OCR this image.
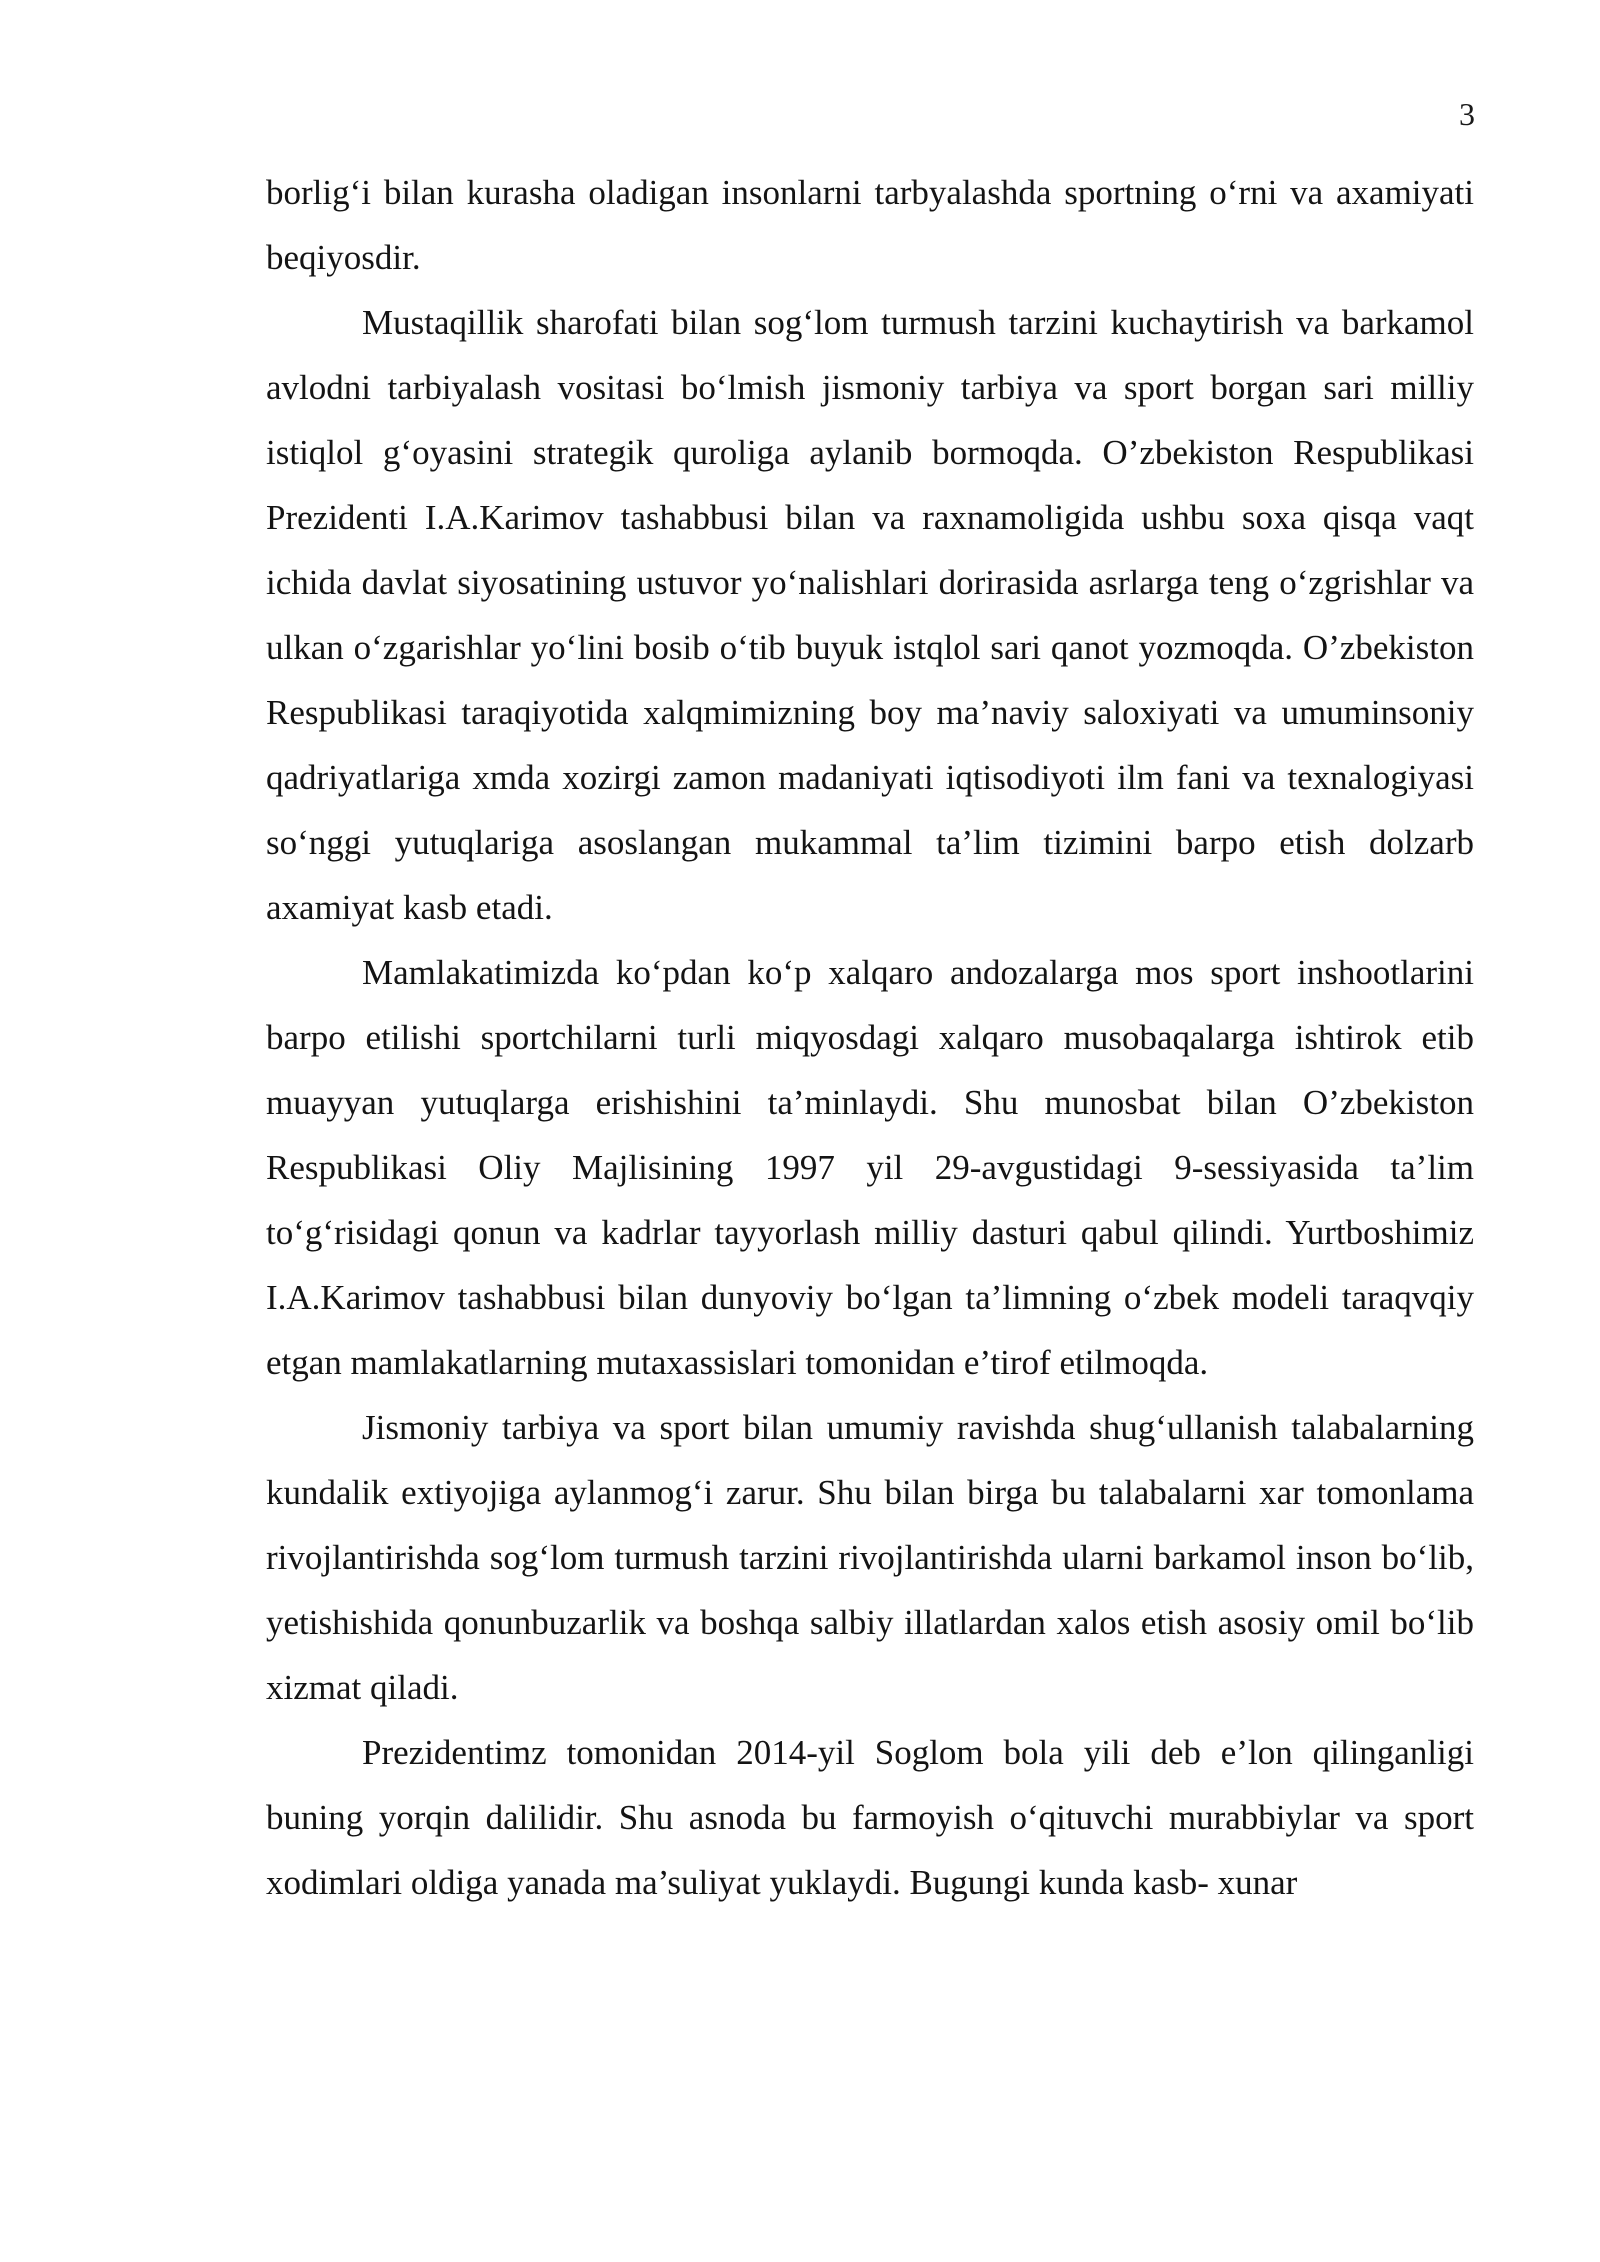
3

borlig‘i bilan kurasha oladigan insonlarni tarbyalashda sportning o‘rni va axamiyati beqiyosdir.

Mustaqillik sharofati bilan sog‘lom turmush tarzini kuchaytirish va barkamol avlodni tarbiyalash vositasi bo‘lmish jismoniy tarbiya va sport borgan sari milliy istiqlol g‘oyasini strategik quroliga aylanib bormoqda. O’zbekiston Respublikasi Prezidenti I.A.Karimov tashabbusi bilan va raxnamoligida ushbu soxa qisqa vaqt ichida davlat siyosatining ustuvor yo‘nalishlari dorirasida asrlarga teng o‘zgrishlar va ulkan o‘zgarishlar yo‘lini bosib o‘tib buyuk istqlol sari qanot yozmoqda. O’zbekiston Respublikasi taraqiyotida xalqmimizning boy ma’naviy saloxiyati va umuminsoniy qadriyatlariga xmda xozirgi zamon madaniyati iqtisodiyoti ilm fani va texnalogiyasi so‘nggi yutuqlariga asoslangan mukammal ta’lim tizimini barpo etish dolzarb axamiyat kasb etadi.

Mamlakatimizda ko‘pdan ko‘p xalqaro andozalarga mos sport inshootlarini barpo etilishi sportchilarni turli miqyosdagi xalqaro musobaqalarga ishtirok etib muayyan yutuqlarga erishishini ta’minlaydi. Shu munosbat bilan O’zbekiston Respublikasi Oliy Majlisining 1997 yil 29-avgustidagi 9-sessiyasida ta’lim to‘g‘risidagi qonun va kadrlar tayyorlash milliy dasturi qabul qilindi. Yurtboshimiz I.A.Karimov tashabbusi bilan dunyoviy bo‘lgan ta’limning o‘zbek modeli taraqvqiy etgan mamlakatlarning mutaxassislari tomonidan e’tirof etilmoqda.

Jismoniy tarbiya va sport bilan umumiy ravishda shug‘ullanish talabalarning kundalik extiyojiga aylanmog‘i zarur. Shu bilan birga bu talabalarni xar tomonlama rivojlantirishda sog‘lom turmush tarzini rivojlantirishda ularni barkamol inson bo‘lib, yetishishida qonunbuzarlik va boshqa salbiy illatlardan xalos etish asosiy omil bo‘lib xizmat qiladi.

Prezidentimz tomonidan 2014-yil Soglom bola yili deb e’lon qilinganligi buning yorqin dalilidir. Shu asnoda bu farmoyish o‘qituvchi murabbiylar va sport xodimlari oldiga yanada ma’suliyat yuklaydi. Bugungi kunda kasb- xunar
